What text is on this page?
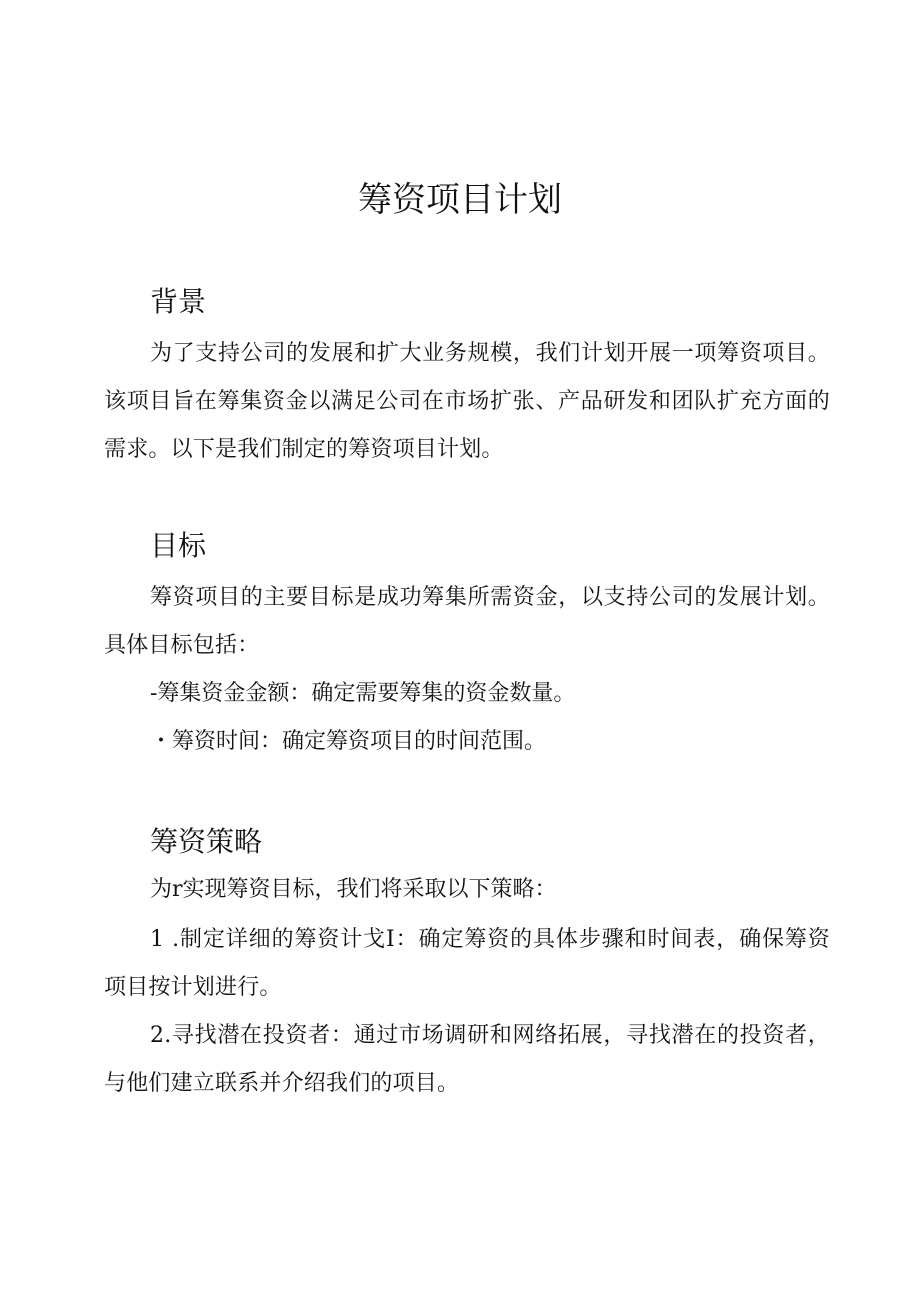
筹资项目计划
背景

为了支持公司的发展和扩大业务规模，我们计划开展一项筹资项目。该项目旨在筹集资金以满足公司在市场扩张、产品研发和团队扩充方面的需求。以下是我们制定的筹资项目计划。

目标

筹资项目的主要目标是成功筹集所需资金，以支持公司的发展计划。具体目标包括：

-筹集资金金额：确定需要筹集的资金数量。

・筹资时间：确定筹资项目的时间范围。

筹资策略

为r实现筹资目标，我们将采取以下策略：

1 .制定详细的筹资计戈I：确定筹资的具体步骤和时间表，确保筹资项目按计划进行。

2.寻找潜在投资者：通过市场调研和网络拓展，寻找潜在的投资者，与他们建立联系并介绍我们的项目。
